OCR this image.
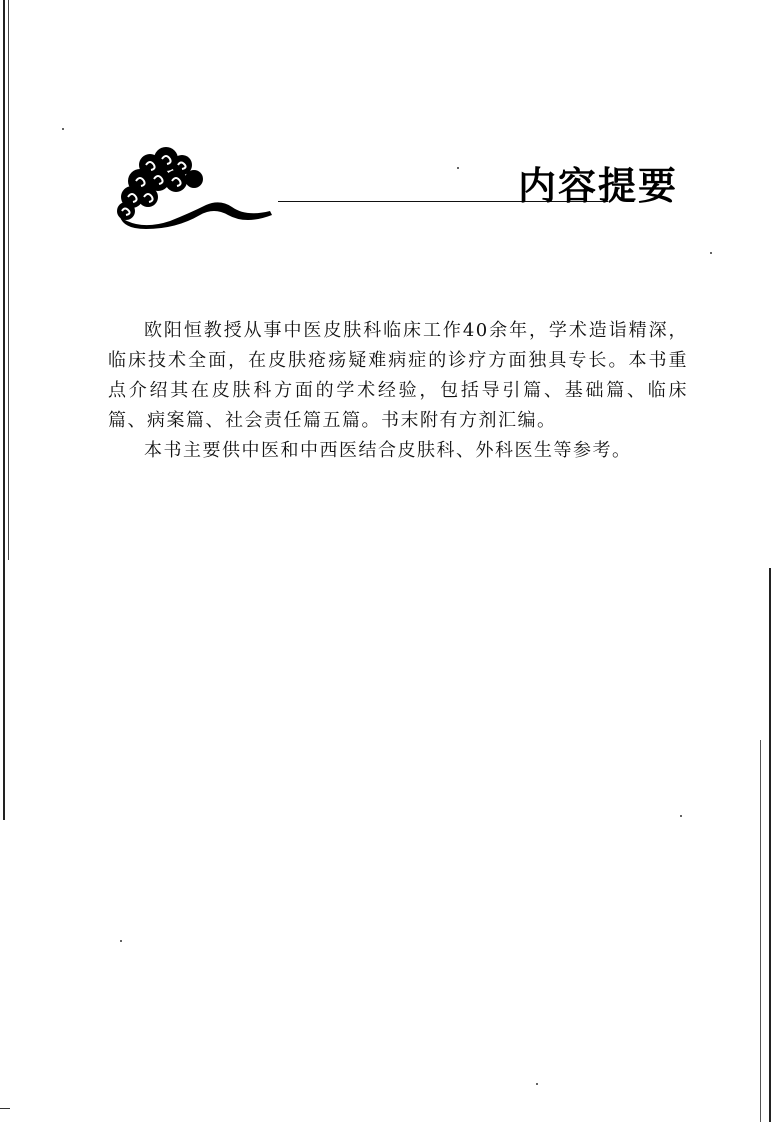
内容提要

欧阳恒教授从事中医皮肤科临床工作40余年，学术造诣精深，临床技术全面，在皮肤疮疡疑难病症的诊疗方面独具专长。本书重点介绍其在皮肤科方面的学术经验，包括导引篇、基础篇、临床篇、病案篇、社会责任篇五篇。书末附有方剂汇编。

本书主要供中医和中西医结合皮肤科、外科医生等参考。
